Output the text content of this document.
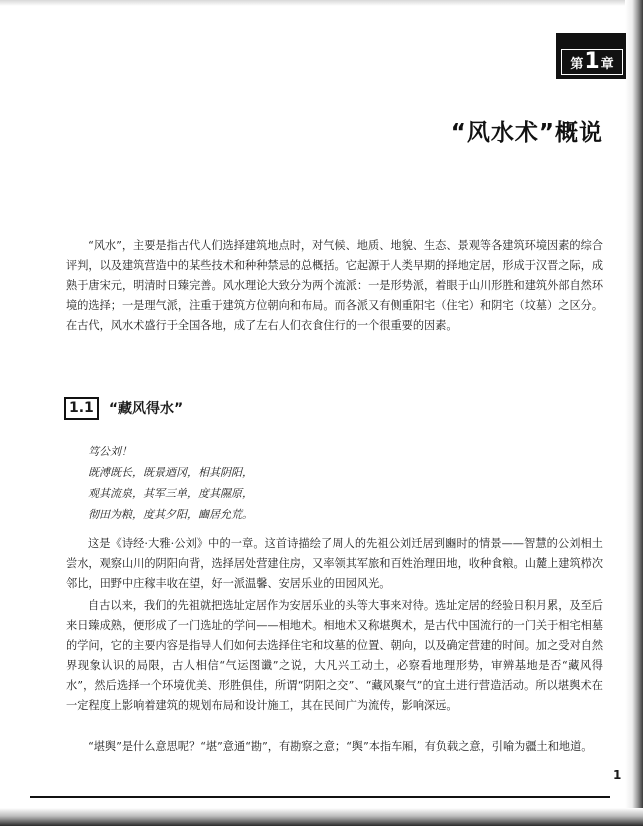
第 1 章
“风水术”概说

“风水”，主要是指古代人们选择建筑地点时，对气候、地质、地貌、生态、景观等各建筑环境因素的综合评判，以及建筑营造中的某些技术和种种禁忌的总概括。它起源于人类早期的择地定居，形成于汉晋之际，成熟于唐宋元，明清时日臻完善。风水理论大致分为两个流派：一是形势派，着眼于山川形胜和建筑外部自然环境的选择；一是理气派，注重于建筑方位朝向和布局。而各派又有侧重阳宅（住宅）和阴宅（坟墓）之区分。在古代，风水术盛行于全国各地，成了左右人们衣食住行的一个很重要的因素。

1.1	“藏风得水”
笃公刘！
既溥既长，既景迺冈，相其阴阳，
观其流泉，其军三单，度其隰原，
彻田为粮，度其夕阳，豳居允荒。

这是《诗经·大雅·公刘》中的一章。这首诗描绘了周人的先祖公刘迁居到豳时的情景——智慧的公刘相土尝水，观察山川的阴阳向背，选择居处营建住房，又率领其军旅和百姓治理田地，收种食粮。山麓上建筑栉次邻比，田野中庄稼丰收在望，好一派温馨、安居乐业的田园风光。

自古以来，我们的先祖就把选址定居作为安居乐业的头等大事来对待。选址定居的经验日积月累，及至后来日臻成熟，便形成了一门选址的学问——相地术。相地术又称堪舆术，是古代中国流行的一门关于相宅相墓的学问，它的主要内容是指导人们如何去选择住宅和坟墓的位置、朝向，以及确定营建的时间。加之受对自然界现象认识的局限，古人相信“气运图谶”之说，大凡兴工动土，必察看地理形势，审辨基地是否“藏风得水”，然后选择一个环境优美、形胜俱佳，所谓“阴阳之交”、“藏风聚气”的宜土进行营造活动。所以堪舆术在一定程度上影响着建筑的规划布局和设计施工，其在民间广为流传，影响深远。

“堪舆”是什么意思呢？“堪”意通“勘”，有勘察之意；“舆”本指车厢，有负载之意，引喻为疆土和地道。

1
